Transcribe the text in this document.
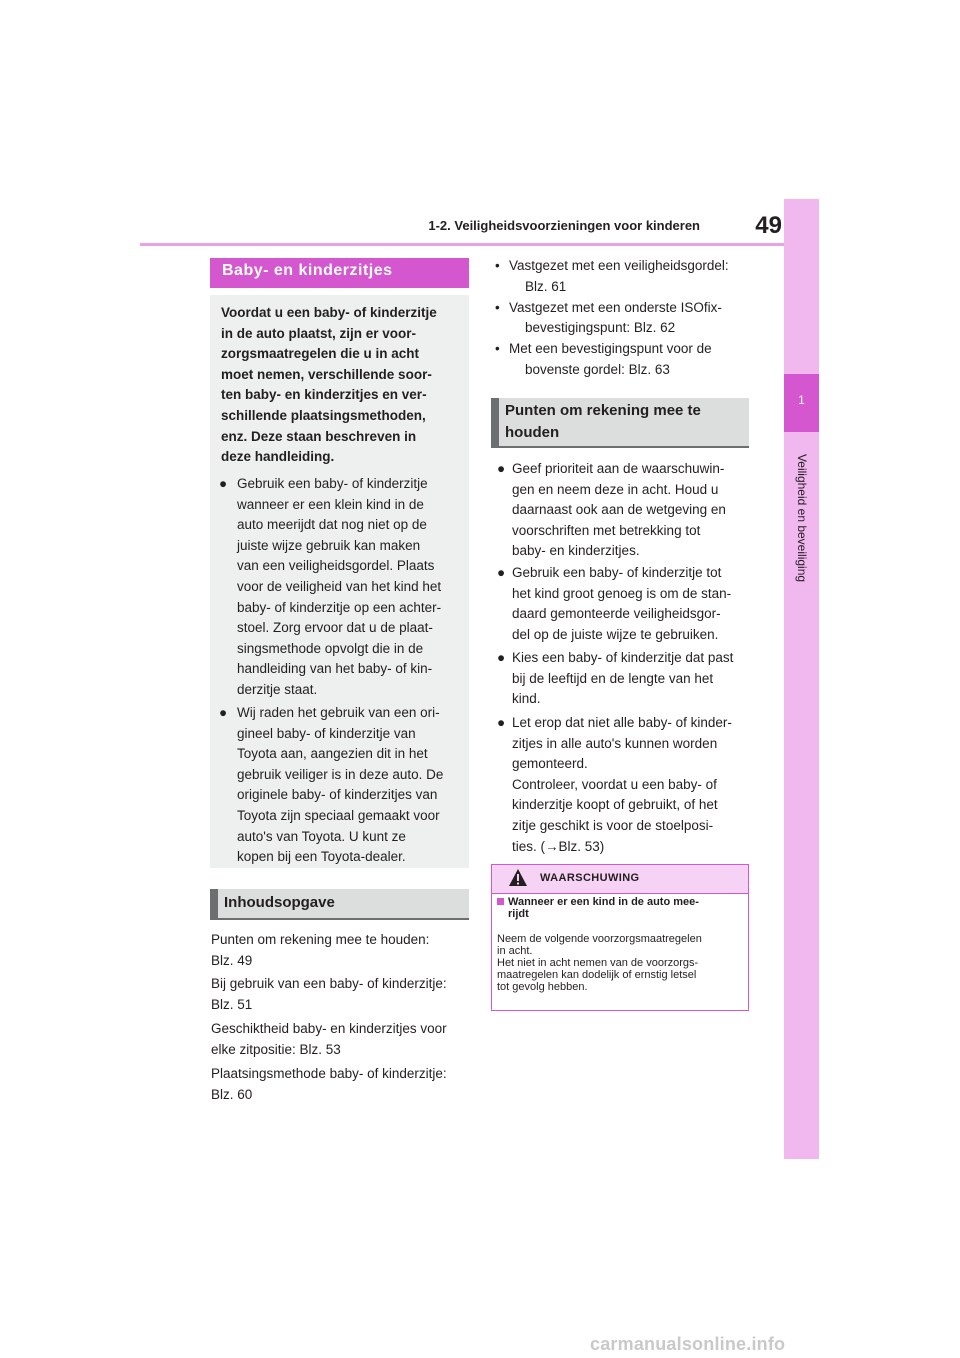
1-2. Veiligheidsvoorzieningen voor kinderen	49
1
Veiligheid en beveiliging
Baby- en kinderzitjes
Voordat u een baby- of kinderzitje
in de auto plaatst, zijn er voor-
zorgsmaatregelen die u in acht
moet nemen, verschillende soor-
ten baby- en kinderzitjes en ver-
schillende plaatsingsmethoden,
enz. Deze staan beschreven in
deze handleiding.
● Gebruik een baby- of kinderzitje
wanneer er een klein kind in de
auto meerijdt dat nog niet op de
juiste wijze gebruik kan maken
van een veiligheidsgordel. Plaats
voor de veiligheid van het kind het
baby- of kinderzitje op een achter-
stoel. Zorg ervoor dat u de plaat-
singsmethode opvolgt die in de
handleiding van het baby- of kin-
derzitje staat.
● Wij raden het gebruik van een ori-
gineel baby- of kinderzitje van
Toyota aan, aangezien dit in het
gebruik veiliger is in deze auto. De
originele baby- of kinderzitjes van
Toyota zijn speciaal gemaakt voor
auto's van Toyota. U kunt ze
kopen bij een Toyota-dealer.
Inhoudsopgave
Punten om rekening mee te houden:
Blz. 49
Bij gebruik van een baby- of kinderzitje:
Blz. 51
Geschiktheid baby- en kinderzitjes voor
elke zitpositie: Blz. 53
Plaatsingsmethode baby- of kinderzitje:
Blz. 60
• Vastgezet met een veiligheidsgordel:
Blz. 61
• Vastgezet met een onderste ISOfix-
bevestigingspunt: Blz. 62
• Met een bevestigingspunt voor de
bovenste gordel: Blz. 63
Punten om rekening mee te
houden
● Geef prioriteit aan de waarschuwin-
gen en neem deze in acht. Houd u
daarnaast ook aan de wetgeving en
voorschriften met betrekking tot
baby- en kinderzitjes.
● Gebruik een baby- of kinderzitje tot
het kind groot genoeg is om de stan-
daard gemonteerde veiligheidsgor-
del op de juiste wijze te gebruiken.
● Kies een baby- of kinderzitje dat past
bij de leeftijd en de lengte van het
kind.
● Let erop dat niet alle baby- of kinder-
zitjes in alle auto's kunnen worden
gemonteerd.
Controleer, voordat u een baby- of
kinderzitje koopt of gebruikt, of het
zitje geschikt is voor de stoelposi-
ties. (→Blz. 53)
WAARSCHUWING
Wanneer er een kind in de auto mee-
rijdt
Neem de volgende voorzorgsmaatregelen
in acht.
Het niet in acht nemen van de voorzorgs-
maatregelen kan dodelijk of ernstig letsel
tot gevolg hebben.
carmanualsonline.info
